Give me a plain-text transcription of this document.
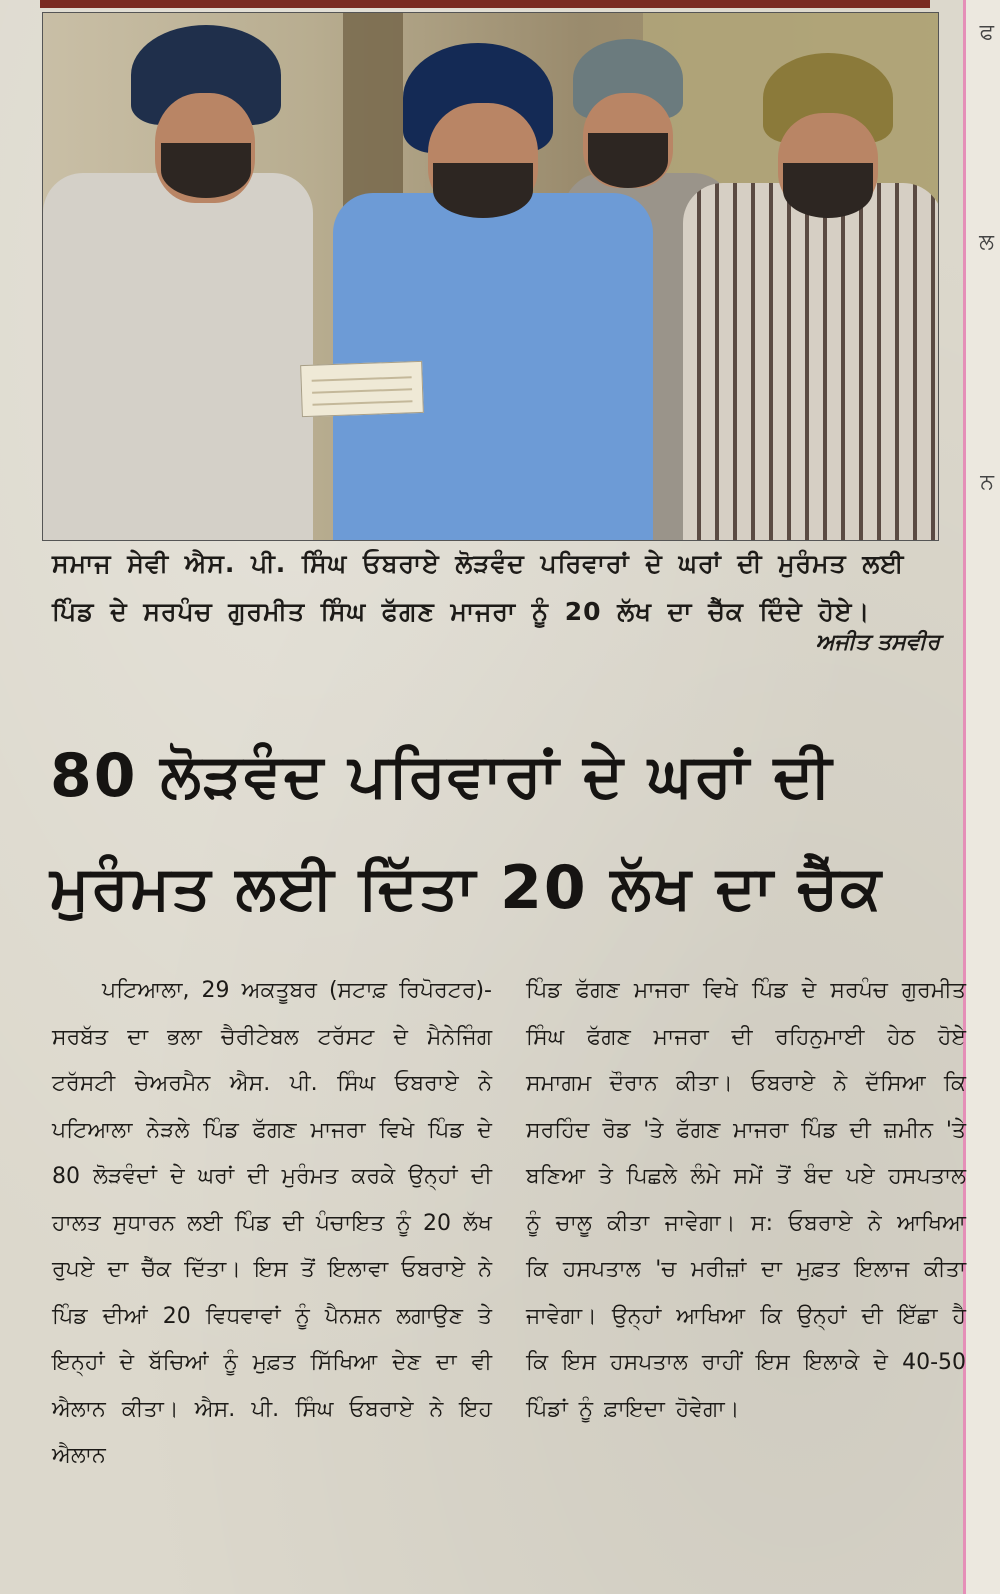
ਫ
ਲ
ਨ
ਸਮਾਜ ਸੇਵੀ ਐਸ. ਪੀ. ਸਿੰਘ ਓਬਰਾਏ ਲੋੜਵੰਦ ਪਰਿਵਾਰਾਂ ਦੇ ਘਰਾਂ ਦੀ ਮੁਰੰਮਤ ਲਈ ਪਿੰਡ ਦੇ ਸਰਪੰਚ ਗੁਰਮੀਤ ਸਿੰਘ ਫੱਗਣ ਮਾਜਰਾ ਨੂੰ 20 ਲੱਖ ਦਾ ਚੈੱਕ ਦਿੰਦੇ ਹੋਏ।
ਅਜੀਤ ਤਸਵੀਰ
80 ਲੋੜਵੰਦ ਪਰਿਵਾਰਾਂ ਦੇ ਘਰਾਂ ਦੀ
ਮੁਰੰਮਤ ਲਈ ਦਿੱਤਾ 20 ਲੱਖ ਦਾ ਚੈੱਕ
ਪਟਿਆਲਾ, 29 ਅਕਤੂਬਰ (ਸਟਾਫ਼ ਰਿਪੋਰਟਰ)-ਸਰਬੱਤ ਦਾ ਭਲਾ ਚੈਰੀਟੇਬਲ ਟਰੱਸਟ ਦੇ ਮੈਨੇਜਿੰਗ ਟਰੱਸਟੀ ਚੇਅਰਮੈਨ ਐਸ. ਪੀ. ਸਿੰਘ ਓਬਰਾਏ ਨੇ ਪਟਿਆਲਾ ਨੇੜਲੇ ਪਿੰਡ ਫੱਗਣ ਮਾਜਰਾ ਵਿਖੇ ਪਿੰਡ ਦੇ 80 ਲੋੜਵੰਦਾਂ ਦੇ ਘਰਾਂ ਦੀ ਮੁਰੰਮਤ ਕਰਕੇ ਉਨ੍ਹਾਂ ਦੀ ਹਾਲਤ ਸੁਧਾਰਨ ਲਈ ਪਿੰਡ ਦੀ ਪੰਚਾਇਤ ਨੂੰ 20 ਲੱਖ ਰੁਪਏ ਦਾ ਚੈੱਕ ਦਿੱਤਾ। ਇਸ ਤੋਂ ਇਲਾਵਾ ਓਬਰਾਏ ਨੇ ਪਿੰਡ ਦੀਆਂ 20 ਵਿਧਵਾਵਾਂ ਨੂੰ ਪੈਨਸ਼ਨ ਲਗਾਉਣ ਤੇ ਇਨ੍ਹਾਂ ਦੇ ਬੱਚਿਆਂ ਨੂੰ ਮੁਫ਼ਤ ਸਿੱਖਿਆ ਦੇਣ ਦਾ ਵੀ ਐਲਾਨ ਕੀਤਾ। ਐਸ. ਪੀ. ਸਿੰਘ ਓਬਰਾਏ ਨੇ ਇਹ ਐਲਾਨ
ਪਿੰਡ ਫੱਗਣ ਮਾਜਰਾ ਵਿਖੇ ਪਿੰਡ ਦੇ ਸਰਪੰਚ ਗੁਰਮੀਤ ਸਿੰਘ ਫੱਗਣ ਮਾਜਰਾ ਦੀ ਰਹਿਨੁਮਾਈ ਹੇਠ ਹੋਏ ਸਮਾਗਮ ਦੌਰਾਨ ਕੀਤਾ। ਓਬਰਾਏ ਨੇ ਦੱਸਿਆ ਕਿ ਸਰਹਿੰਦ ਰੋਡ 'ਤੇ ਫੱਗਣ ਮਾਜਰਾ ਪਿੰਡ ਦੀ ਜ਼ਮੀਨ 'ਤੇ ਬਣਿਆ ਤੇ ਪਿਛਲੇ ਲੰਮੇ ਸਮੇਂ ਤੋਂ ਬੰਦ ਪਏ ਹਸਪਤਾਲ ਨੂੰ ਚਾਲੂ ਕੀਤਾ ਜਾਵੇਗਾ। ਸ: ਓਬਰਾਏ ਨੇ ਆਖਿਆ ਕਿ ਹਸਪਤਾਲ 'ਚ ਮਰੀਜ਼ਾਂ ਦਾ ਮੁਫ਼ਤ ਇਲਾਜ ਕੀਤਾ ਜਾਵੇਗਾ। ਉਨ੍ਹਾਂ ਆਖਿਆ ਕਿ ਉਨ੍ਹਾਂ ਦੀ ਇੱਛਾ ਹੈ ਕਿ ਇਸ ਹਸਪਤਾਲ ਰਾਹੀਂ ਇਸ ਇਲਾਕੇ ਦੇ 40-50 ਪਿੰਡਾਂ ਨੂੰ ਫ਼ਾਇਦਾ ਹੋਵੇਗਾ।
